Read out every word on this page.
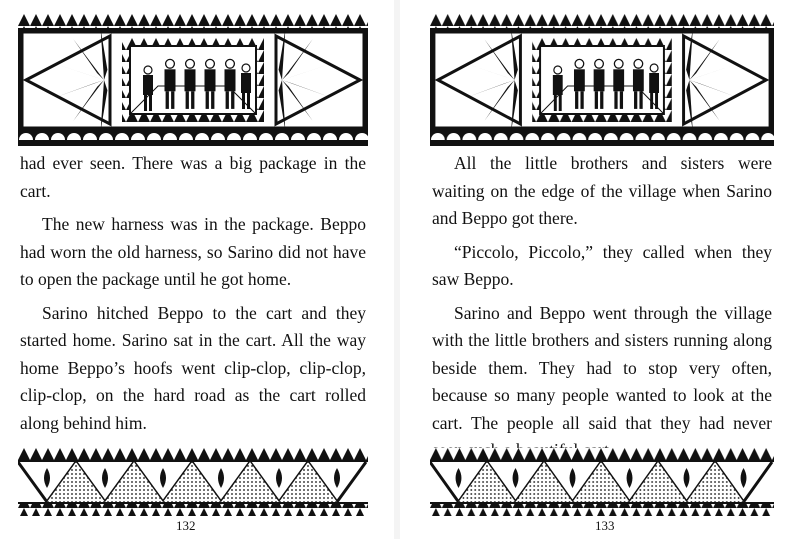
had ever seen. There was a big package in the cart.

The new harness was in the package. Beppo had worn the old harness, so Sarino did not have to open the package until he got home.

Sarino hitched Beppo to the cart and they started home. Sarino sat in the cart. All the way home Beppo’s hoofs went clip-clop, clip-clop, clip-clop, on the hard road as the cart rolled along behind him.

132

All the little brothers and sisters were waiting on the edge of the village when Sarino and Beppo got there.

“Piccolo, Piccolo,” they called when they saw Beppo.

Sarino and Beppo went through the village with the little brothers and sisters running along beside them. They had to stop very often, because so many people wanted to look at the cart. The people all said that they had never

133
